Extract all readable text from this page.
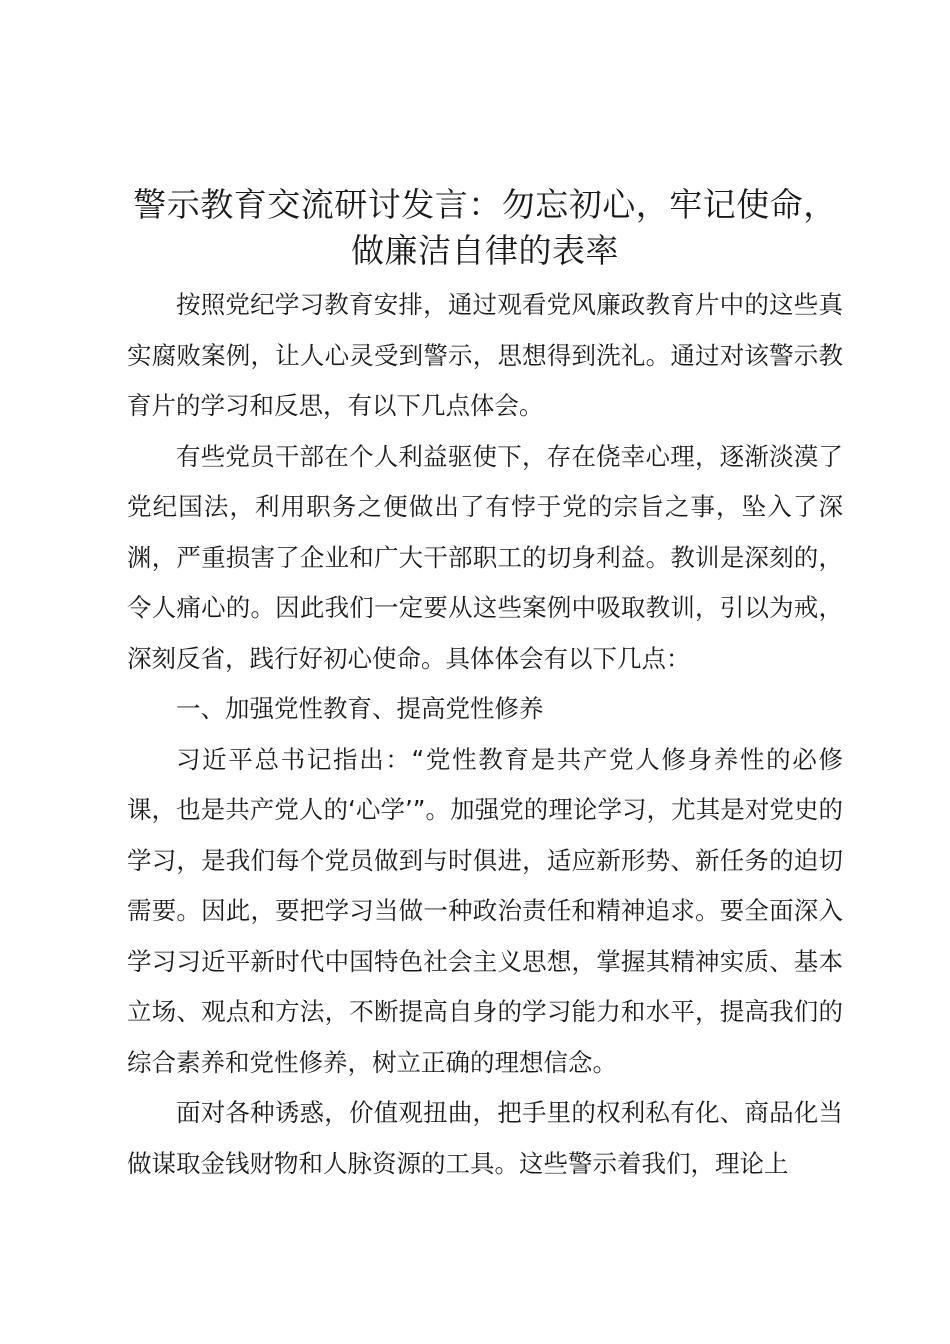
警示教育交流研讨发言：勿忘初心，牢记使命，
做廉洁自律的表率

按照党纪学习教育安排，通过观看党风廉政教育片中的这些真实腐败案例，让人心灵受到警示，思想得到洗礼。通过对该警示教育片的学习和反思，有以下几点体会。

有些党员干部在个人利益驱使下，存在侥幸心理，逐渐淡漠了党纪国法，利用职务之便做出了有悖于党的宗旨之事，坠入了深渊，严重损害了企业和广大干部职工的切身利益。教训是深刻的，令人痛心的。因此我们一定要从这些案例中吸取教训，引以为戒，深刻反省，践行好初心使命。具体体会有以下几点：

一、加强党性教育、提高党性修养

习近平总书记指出：“党性教育是共产党人修身养性的必修课，也是共产党人的‘心学’”。加强党的理论学习，尤其是对党史的学习，是我们每个党员做到与时俱进，适应新形势、新任务的迫切需要。因此，要把学习当做一种政治责任和精神追求。要全面深入学习习近平新时代中国特色社会主义思想，掌握其精神实质、基本立场、观点和方法，不断提高自身的学习能力和水平，提高我们的综合素养和党性修养，树立正确的理想信念。

面对各种诱惑，价值观扭曲，把手里的权利私有化、商品化当做谋取金钱财物和人脉资源的工具。这些警示着我们，理论上
